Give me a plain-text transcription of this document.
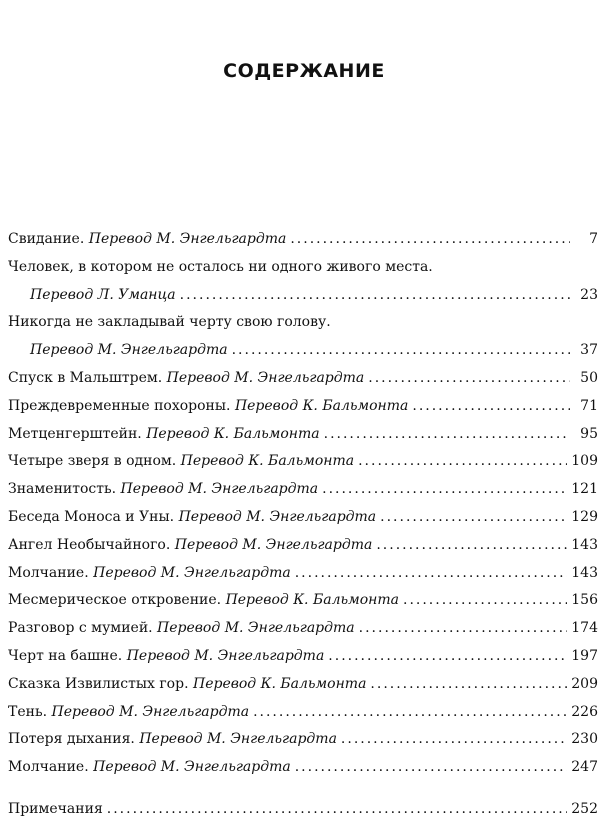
СОДЕРЖАНИЕ
Свидание.
Перевод М. Энгельгардта .....	7
Человек, в котором не осталось ни одного живого места.
Перевод Л. Уманца .....	23
Никогда не закладывай черту свою голову.
Перевод М. Энгельгардта .....	37
Спуск в Мальштрем.
Перевод М. Энгельгардта .....	50
Преждевременные похороны.
Перевод К. Бальмонта .....	71
Метценгерштейн.
Перевод К. Бальмонта .....	95
Четыре зверя в одном.
Перевод К. Бальмонта .....	109
Знаменитость.
Перевод М. Энгельгардта .....	121
Беседа Моноса и Уны.
Перевод М. Энгельгардта .....	129
Ангел Необычайного.
Перевод М. Энгельгардта .....	143
Молчание.
Перевод М. Энгельгардта .....	143
Месмерическое откровение.
Перевод К. Бальмонта .....	156
Разговор с мумией.
Перевод М. Энгельгардта .....	174
Черт на башне.
Перевод М. Энгельгардта .....	197
Сказка Извилистых гор.
Перевод К. Бальмонта .....	209
Тень.
Перевод М. Энгельгардта .....	226
Потеря дыхания.
Перевод М. Энгельгардта .....	230
Молчание.
Перевод М. Энгельгардта .....	247
Примечания .....	252
